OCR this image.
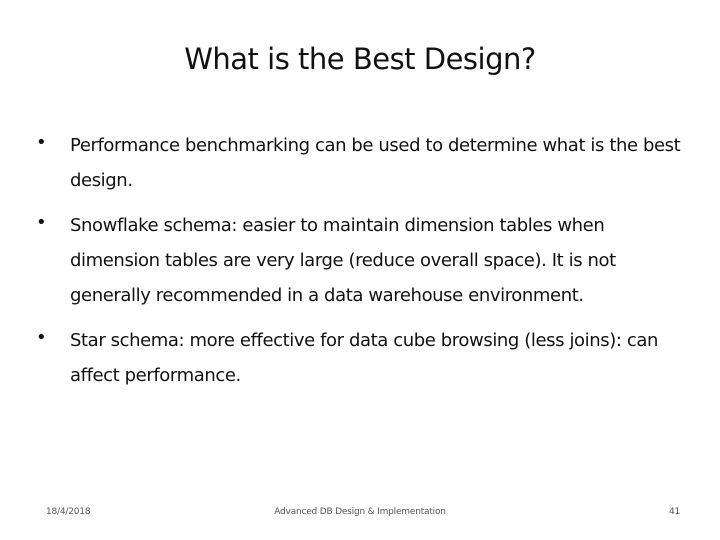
What is the Best Design?
•	Performance benchmarking can be used to determine what is the best design.
•	Snowflake schema: easier to maintain dimension tables when dimension tables are very large (reduce overall space). It is not generally recommended in a data warehouse environment.
•	Star schema: more effective for data cube browsing (less joins): can affect performance.
18/4/2018	Advanced DB Design & Implementation	41
